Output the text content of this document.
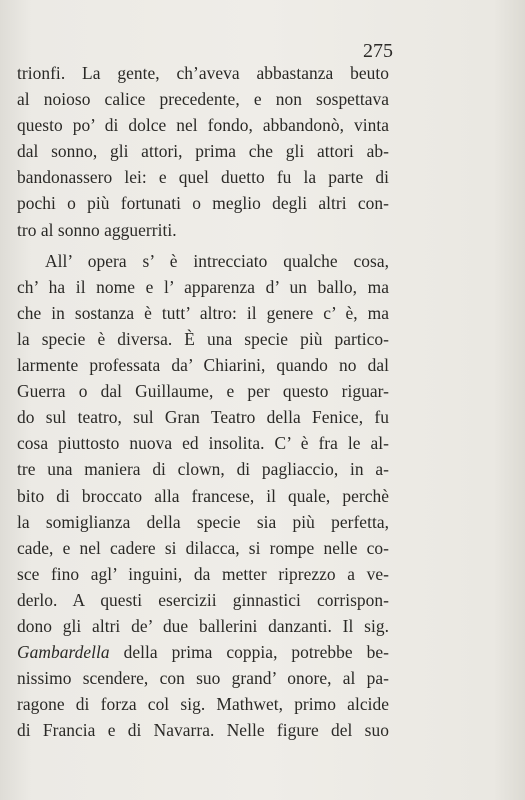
275
trionfi. La gente, ch’aveva abbastanza beuto
al noioso calice precedente, e non sospettava
questo po’ di dolce nel fondo, abbandonò, vinta
dal sonno, gli attori, prima che gli attori ab-
bandonassero lei: e quel duetto fu la parte di
pochi o più fortunati o meglio degli altri con-
tro al sonno agguerriti.
All’ opera s’ è intrecciato qualche cosa,
ch’ ha il nome e l’ apparenza d’ un ballo, ma
che in sostanza è tutt’ altro: il genere c’ è, ma
la specie è diversa. È una specie più partico-
larmente professata da’ Chiarini, quando no dal
Guerra o dal Guillaume, e per questo riguar-
do sul teatro, sul Gran Teatro della Fenice, fu
cosa piuttosto nuova ed insolita. C’ è fra le al-
tre una maniera di clown, di pagliaccio, in a-
bito di broccato alla francese, il quale, perchè
la somiglianza della specie sia più perfetta,
cade, e nel cadere si dilacca, si rompe nelle co-
sce fino agl’ inguini, da metter riprezzo a ve-
derlo. A questi esercizii ginnastici corrispon-
dono gli altri de’ due ballerini danzanti. Il sig.
Gambardella della prima coppia, potrebbe be-
nissimo scendere, con suo grand’ onore, al pa-
ragone di forza col sig. Mathwet, primo alcide
di Francia e di Navarra. Nelle figure del suo
